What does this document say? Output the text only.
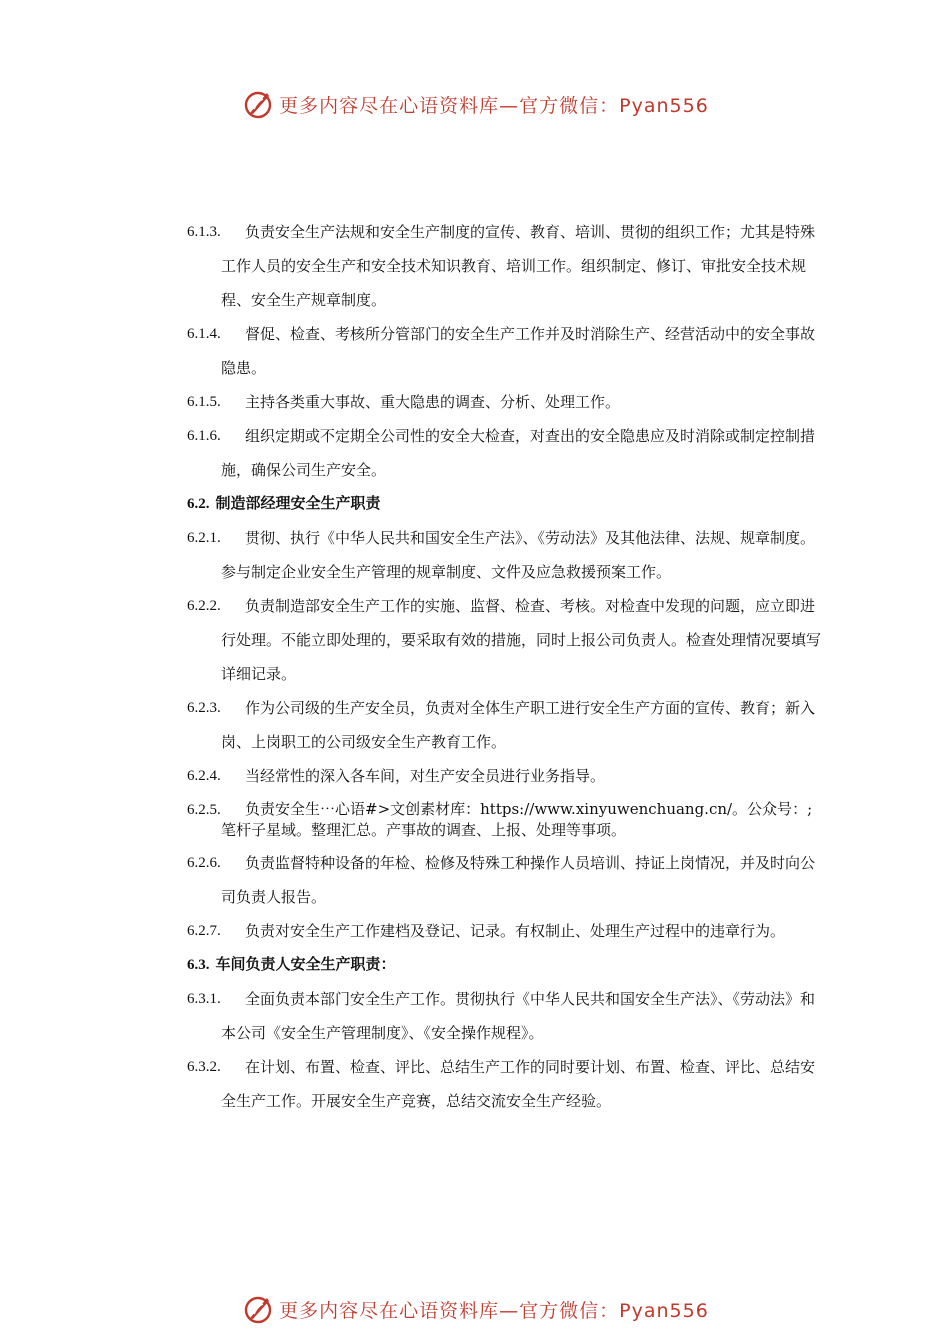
更多内容尽在心语资料库—官方微信：Pyan556
6.1.3.	负责安全生产法规和安全生产制度的宣传、教育、培训、贯彻的组织工作；尤其是特殊工作人员的安全生产和安全技术知识教育、培训工作。组织制定、修订、审批安全技术规程、安全生产规章制度。
6.1.4.	督促、检查、考核所分管部门的安全生产工作并及时消除生产、经营活动中的安全事故隐患。
6.1.5.	主持各类重大事故、重大隐患的调查、分析、处理工作。
6.1.6.	组织定期或不定期全公司性的安全大检查，对查出的安全隐患应及时消除或制定控制措施，确保公司生产安全。
6.2. 制造部经理安全生产职责
6.2.1.	贯彻、执行《中华人民共和国安全生产法》、《劳动法》及其他法律、法规、规章制度。参与制定企业安全生产管理的规章制度、文件及应急救援预案工作。
6.2.2.	负责制造部安全生产工作的实施、监督、检查、考核。对检查中发现的问题，应立即进行处理。不能立即处理的，要采取有效的措施，同时上报公司负责人。检查处理情况要填写详细记录。
6.2.3.	作为公司级的生产安全员，负责对全体生产职工进行安全生产方面的宣传、教育；新入岗、上岗职工的公司级安全生产教育工作。
6.2.4.	当经常性的深入各车间，对生产安全员进行业务指导。
6.2.5.	负责安全生⋯心语#>文创素材库：https://www.xinyuwenchuang.cn/。公众号：;笔杆子星域。整理汇总。产事故的调查、上报、处理等事项。
6.2.6.	负责监督特种设备的年检、检修及特殊工种操作人员培训、持证上岗情况，并及时向公司负责人报告。
6.2.7.	负责对安全生产工作建档及登记、记录。有权制止、处理生产过程中的违章行为。
6.3. 车间负责人安全生产职责：
6.3.1.	全面负责本部门安全生产工作。贯彻执行《中华人民共和国安全生产法》、《劳动法》和本公司《安全生产管理制度》、《安全操作规程》。
6.3.2.	在计划、布置、检查、评比、总结生产工作的同时要计划、布置、检查、评比、总结安全生产工作。开展安全生产竞赛，总结交流安全生产经验。
更多内容尽在心语资料库—官方微信：Pyan556
